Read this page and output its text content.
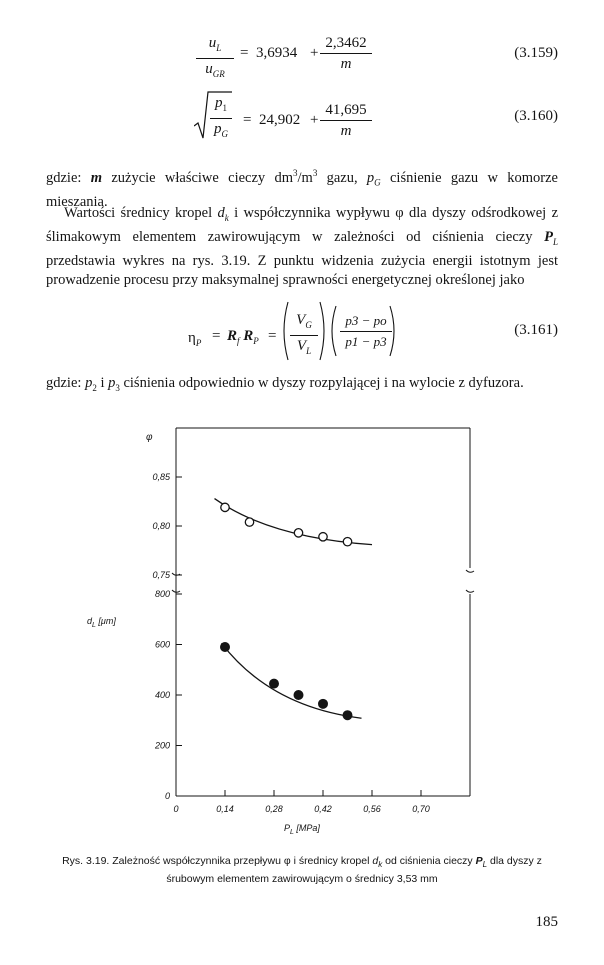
$u_L$
$u_{GR}$
= 3,6934 +
2,3462
m
(3.159)
$p_1$
$p_G$
= 24,902 +
41,695
m
(3.160)

gdzie: m zużycie właściwe cieczy $dm^3/m^3$ gazu, $p_G$ ciśnienie gazu w komorze mieszania.

Wartości średnicy kropel $d_k$ i współczynnika wypływu φ dla dyszy odśrodkowej z ślimakowym elementem zawirowującym w zależności od ciśnienia cieczy $P_L$ przedstawia wykres na rys. 3.19. Z punktu widzenia zużycia energii istotnym jest prowadzenie procesu przy maksymalnej sprawności energetycznej określonej jako

$\eta_P = R_f$ $R_P$ =
$V_G$
$V_L$
p3 − po
p1 − p3
(3.161)

gdzie: $p_2$ i $p_3$ ciśnienia odpowiednio w dyszy rozpylającej i na wylocie z dyfuzora.

0,85
0,80
0,75
800
600
400
200
0
0	0,14	0,28	0,42	0,56	0,70
φ
$d_L$ [μm]
$P_L$ [MPa]
Rys. 3.19. Zależność współczynnika przepływu φ i średnicy kropel $d_k$ od ciśnienia cieczy $P_L$ dla dyszy z śrubowym elementem zawirowującym o średnicy 3,53 mm
185
